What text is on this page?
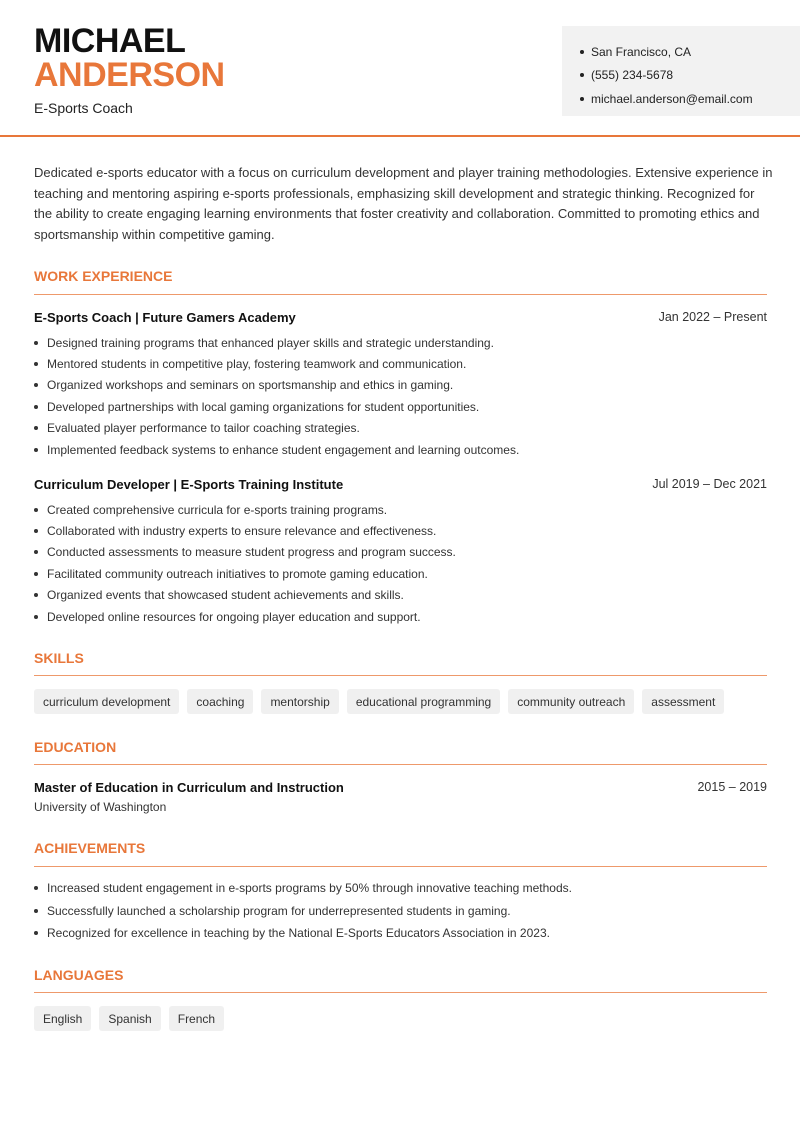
MICHAEL
ANDERSON
E-Sports Coach
San Francisco, CA
(555) 234-5678
michael.anderson@email.com

Dedicated e-sports educator with a focus on curriculum development and player training methodologies. Extensive experience in teaching and mentoring aspiring e-sports professionals, emphasizing skill development and strategic thinking. Recognized for the ability to create engaging learning environments that foster creativity and collaboration. Committed to promoting ethics and sportsmanship within competitive gaming.

WORK EXPERIENCE
E-Sports Coach | Future Gamers Academy	Jan 2022 – Present
Designed training programs that enhanced player skills and strategic understanding.
Mentored students in competitive play, fostering teamwork and communication.
Organized workshops and seminars on sportsmanship and ethics in gaming.
Developed partnerships with local gaming organizations for student opportunities.
Evaluated player performance to tailor coaching strategies.
Implemented feedback systems to enhance student engagement and learning outcomes.
Curriculum Developer | E-Sports Training Institute	Jul 2019 – Dec 2021
Created comprehensive curricula for e-sports training programs.
Collaborated with industry experts to ensure relevance and effectiveness.
Conducted assessments to measure student progress and program success.
Facilitated community outreach initiatives to promote gaming education.
Organized events that showcased student achievements and skills.
Developed online resources for ongoing player education and support.
SKILLS
curriculum development	coaching	mentorship	educational programming	community outreach	assessment
EDUCATION
Master of Education in Curriculum and Instruction
University of Washington
2015 – 2019
ACHIEVEMENTS
Increased student engagement in e-sports programs by 50% through innovative teaching methods.
Successfully launched a scholarship program for underrepresented students in gaming.
Recognized for excellence in teaching by the National E-Sports Educators Association in 2023.
LANGUAGES
English	Spanish	French
